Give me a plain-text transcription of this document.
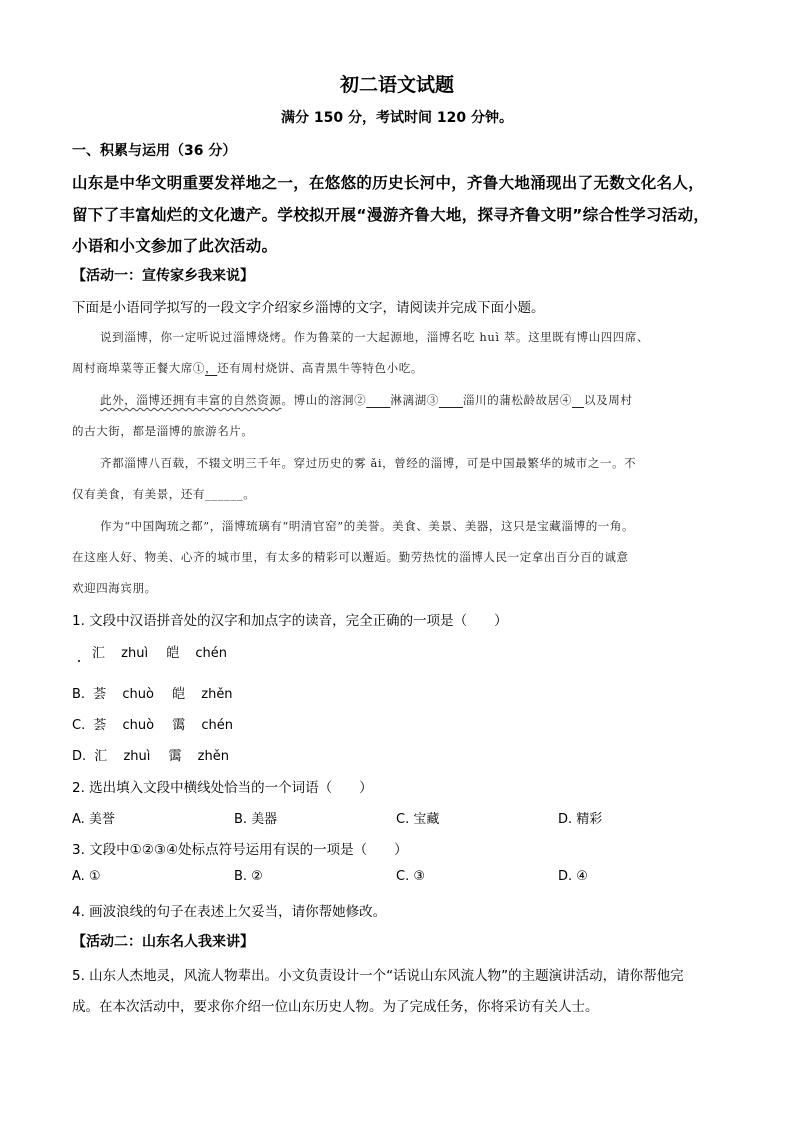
初二语文试题
满分 150 分，考试时间 120 分钟。
一、积累与运用（36 分）
山东是中华文明重要发祥地之一，在悠悠的历史长河中，齐鲁大地涌现出了无数文化名人，
留下了丰富灿烂的文化遗产。学校拟开展“漫游齐鲁大地，探寻齐鲁文明”综合性学习活动，
小语和小文参加了此次活动。
【活动一：宣传家乡我来说】
下面是小语同学拟写的一段文字介绍家乡淄博的文字，请阅读并完成下面小题。
说到淄博，你一定听说过淄博烧烤。作为鲁菜的一大起源地，淄博名吃 huì 萃。这里既有博山四四席、
周村商埠菜等正餐大席①，还有周村烧饼、高青黑牛等特色小吃。
此外，淄博还拥有丰富的自然资源。博山的溶洞②　　 淋漓湖③　　 淄川的蒲松龄故居④　 以及周村
的古大街，都是淄博的旅游名片。
齐都淄博八百载，不辍文明三千年。穿过历史的雾 ǎi，曾经的淄博，可是中国最繁华的城市之一。不
仅有美食，有美景，还有______。
作为“中国陶琉之都”，淄博琉璃有“明清官窑”的美誉。美食、美景、美器，这只是宝藏淄博的一角。
在这座人好、物美、心齐的城市里，有太多的精彩可以邂逅。勤劳热忱的淄博人民一定拿出百分百的诚意
欢迎四海宾朋。
1. 文段中汉语拼音处的汉字和加点字的读音，完全正确的一项是（　　）
汇 zhuì 皑 chén
B. 荟 chuò 皑 zhěn
C. 荟 chuò 霭 chén
D. 汇 zhuì 霭 zhěn
2. 选出填入文段中横线处恰当的一个词语（　　）
A. 美誉	B. 美器	C. 宝藏	D. 精彩
3. 文段中①②③④处标点符号运用有误的一项是（　　）
A. ①	B. ②	C. ③	D. ④
4. 画波浪线的句子在表述上欠妥当，请你帮她修改。
【活动二：山东名人我来讲】
5. 山东人杰地灵，风流人物辈出。小文负责设计一个“话说山东风流人物”的主题演讲活动，请你帮他完
成。在本次活动中，要求你介绍一位山东历史人物。为了完成任务，你将采访有关人士。
